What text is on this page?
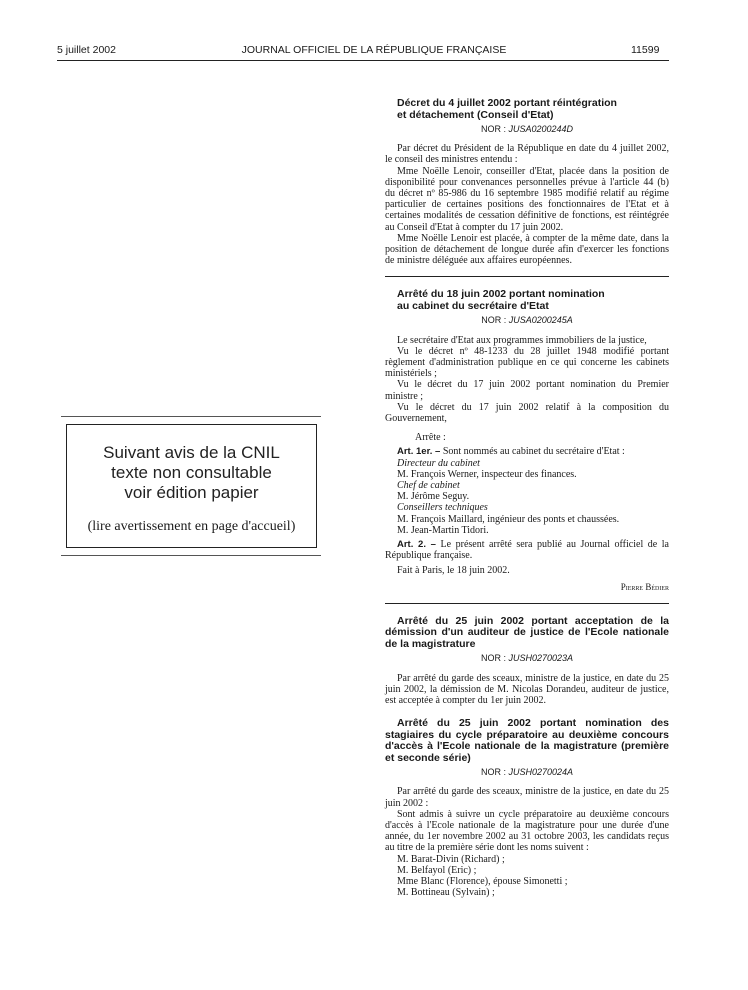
5 juillet 2002	JOURNAL OFFICIEL DE LA RÉPUBLIQUE FRANÇAISE	11599
Suivant avis de la CNIL
texte non consultable
voir édition papier
(lire avertissement en page d'accueil)

Décret du 4 juillet 2002 portant réintégration

et détachement (Conseil d'Etat)

NOR : JUSA0200244D

Par décret du Président de la République en date du 4 juillet 2002, le conseil des ministres entendu :

Mme Noëlle Lenoir, conseiller d'Etat, placée dans la position de disponibilité pour convenances personnelles prévue à l'article 44 (b) du décret nº 85-986 du 16 septembre 1985 modifié relatif au régime particulier de certaines positions des fonctionnaires de l'Etat et à certaines modalités de cessation définitive de fonctions, est réintégrée au Conseil d'Etat à compter du 17 juin 2002.

Mme Noëlle Lenoir est placée, à compter de la même date, dans la position de détachement de longue durée afin d'exercer les fonctions de ministre déléguée aux affaires européennes.

Arrêté du 18 juin 2002 portant nomination

au cabinet du secrétaire d'Etat

NOR : JUSA0200245A

Le secrétaire d'Etat aux programmes immobiliers de la justice,

Vu le décret nº 48-1233 du 28 juillet 1948 modifié portant règlement d'administration publique en ce qui concerne les cabinets ministériels ;

Vu le décret du 17 juin 2002 portant nomination du Premier ministre ;

Vu le décret du 17 juin 2002 relatif à la composition du Gouvernement,

Arrête :

Art. 1er. – Sont nommés au cabinet du secrétaire d'Etat :

Directeur du cabinet

M. François Werner, inspecteur des finances.

Chef de cabinet

M. Jérôme Seguy.

Conseillers techniques

M. François Maillard, ingénieur des ponts et chaussées.

M. Jean-Martin Tidori.

Art. 2. – Le présent arrêté sera publié au Journal officiel de la République française.

Fait à Paris, le 18 juin 2002.

Pierre Bédier

Arrêté du 25 juin 2002 portant acceptation de la démission d'un auditeur de justice de l'Ecole nationale de la magistrature

NOR : JUSH0270023A

Par arrêté du garde des sceaux, ministre de la justice, en date du 25 juin 2002, la démission de M. Nicolas Dorandeu, auditeur de justice, est acceptée à compter du 1er juin 2002.

Arrêté du 25 juin 2002 portant nomination des stagiaires du cycle préparatoire au deuxième concours d'accès à l'Ecole nationale de la magistrature (première et seconde série)

NOR : JUSH0270024A

Par arrêté du garde des sceaux, ministre de la justice, en date du 25 juin 2002 :

Sont admis à suivre un cycle préparatoire au deuxième concours d'accès à l'Ecole nationale de la magistrature pour une durée d'une année, du 1er novembre 2002 au 31 octobre 2003, les candidats reçus au titre de la première série dont les noms suivent :

M. Barat-Divin (Richard) ;

M. Belfayol (Eric) ;

Mme Blanc (Florence), épouse Simonetti ;

M. Bottineau (Sylvain) ;
